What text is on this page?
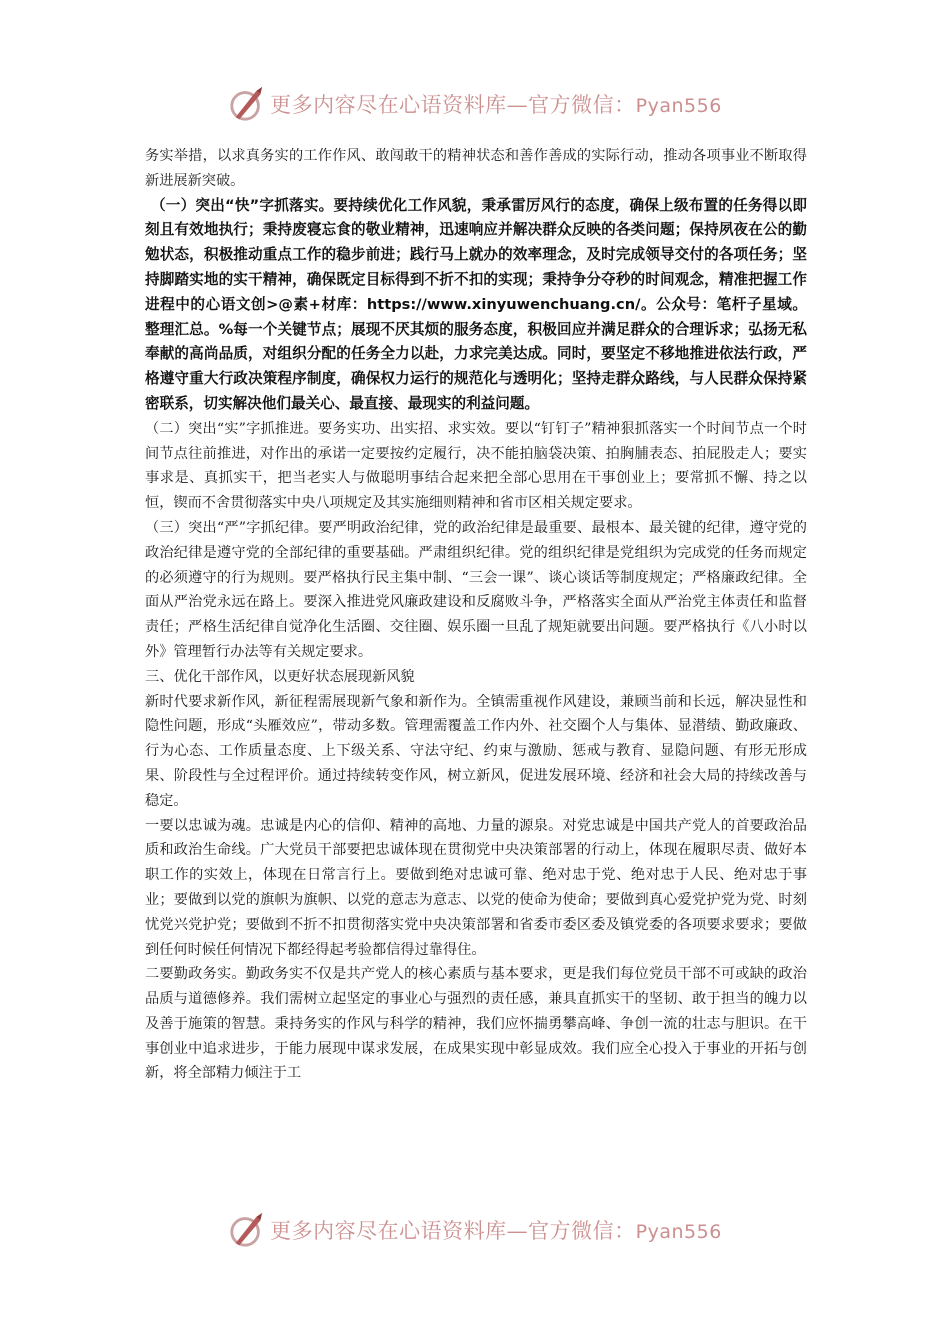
更多内容尽在心语资料库—官方微信：Pyan556

务实举措，以求真务实的工作作风、敢闯敢干的精神状态和善作善成的实际行动，推动各项事业不断取得新进展新突破。

（一）突出“快”字抓落实。要持续优化工作风貌，秉承雷厉风行的态度，确保上级布置的任务得以即刻且有效地执行；秉持废寝忘食的敬业精神，迅速响应并解决群众反映的各类问题；保持夙夜在公的勤勉状态，积极推动重点工作的稳步前进；践行马上就办的效率理念，及时完成领导交付的各项任务；坚持脚踏实地的实干精神，确保既定目标得到不折不扣的实现；秉持争分夺秒的时间观念，精准把握工作进程中的心语文创>@素+材库：https://www.xinyuwenchuang.cn/。公众号：笔杆子星域。整理汇总。%每一个关键节点；展现不厌其烦的服务态度，积极回应并满足群众的合理诉求；弘扬无私奉献的高尚品质，对组织分配的任务全力以赴，力求完美达成。同时，要坚定不移地推进依法行政，严格遵守重大行政决策程序制度，确保权力运行的规范化与透明化；坚持走群众路线，与人民群众保持紧密联系，切实解决他们最关心、最直接、最现实的利益问题。

（二）突出“实”字抓推进。要务实功、出实招、求实效。要以“钉钉子”精神狠抓落实一个时间节点一个时间节点往前推进，对作出的承诺一定要按约定履行，决不能拍脑袋决策、拍胸脯表态、拍屁股走人；要实事求是、真抓实干，把当老实人与做聪明事结合起来把全部心思用在干事创业上；要常抓不懈、持之以恒，锲而不舍贯彻落实中央八项规定及其实施细则精神和省市区相关规定要求。

（三）突出“严”字抓纪律。要严明政治纪律，党的政治纪律是最重要、最根本、最关键的纪律，遵守党的政治纪律是遵守党的全部纪律的重要基础。严肃组织纪律。党的组织纪律是党组织为完成党的任务而规定的必须遵守的行为规则。要严格执行民主集中制、“三会一课”、谈心谈话等制度规定；严格廉政纪律。全面从严治党永远在路上。要深入推进党风廉政建设和反腐败斗争，严格落实全面从严治党主体责任和监督责任；严格生活纪律自觉净化生活圈、交往圈、娱乐圈一旦乱了规矩就要出问题。要严格执行《八小时以外》管理暂行办法等有关规定要求。

三、优化干部作风，以更好状态展现新风貌

新时代要求新作风，新征程需展现新气象和新作为。全镇需重视作风建设，兼顾当前和长远，解决显性和隐性问题，形成“头雁效应”，带动多数。管理需覆盖工作内外、社交圈个人与集体、显潜绩、勤政廉政、行为心态、工作质量态度、上下级关系、守法守纪、约束与激励、惩戒与教育、显隐问题、有形无形成果、阶段性与全过程评价。通过持续转变作风，树立新风，促进发展环境、经济和社会大局的持续改善与稳定。

一要以忠诚为魂。忠诚是内心的信仰、精神的高地、力量的源泉。对党忠诚是中国共产党人的首要政治品质和政治生命线。广大党员干部要把忠诚体现在贯彻党中央决策部署的行动上，体现在履职尽责、做好本职工作的实效上，体现在日常言行上。要做到绝对忠诚可靠、绝对忠于党、绝对忠于人民、绝对忠于事业；要做到以党的旗帜为旗帜、以党的意志为意志、以党的使命为使命；要做到真心爱党护党为党、时刻忧党兴党护党；要做到不折不扣贯彻落实党中央决策部署和省委市委区委及镇党委的各项要求要求；要做到任何时候任何情况下都经得起考验都信得过靠得住。

二要勤政务实。勤政务实不仅是共产党人的核心素质与基本要求，更是我们每位党员干部不可或缺的政治品质与道德修养。我们需树立起坚定的事业心与强烈的责任感，兼具直抓实干的坚韧、敢于担当的魄力以及善于施策的智慧。秉持务实的作风与科学的精神，我们应怀揣勇攀高峰、争创一流的壮志与胆识。在干事创业中追求进步，于能力展现中谋求发展，在成果实现中彰显成效。我们应全心投入于事业的开拓与创新，将全部精力倾注于工

更多内容尽在心语资料库—官方微信：Pyan556
